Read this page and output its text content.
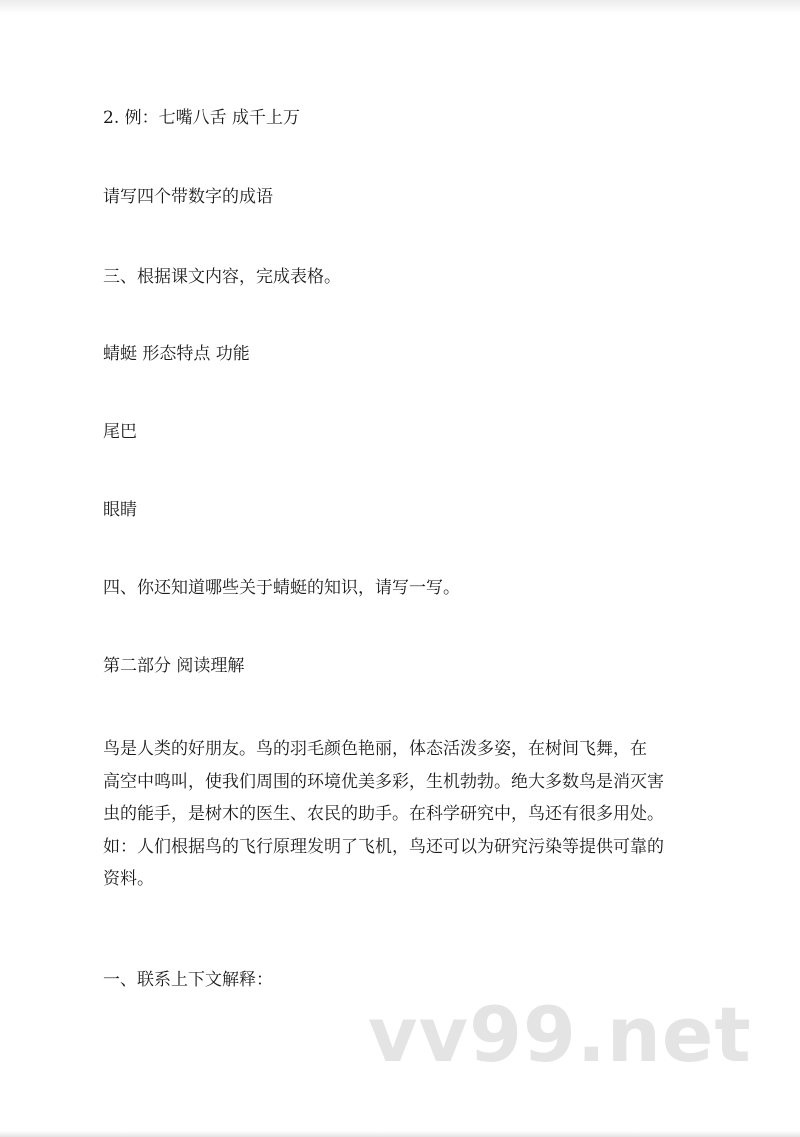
2. 例：七嘴八舌 成千上万
请写四个带数字的成语
三、根据课文内容，完成表格。
蜻蜓 形态特点 功能
尾巴
眼睛
四、你还知道哪些关于蜻蜓的知识，请写一写。
第二部分 阅读理解
鸟是人类的好朋友。鸟的羽毛颜色艳丽，体态活泼多姿，在树间飞舞，在
高空中鸣叫，使我们周围的环境优美多彩，生机勃勃。绝大多数鸟是消灭害
虫的能手，是树木的医生、农民的助手。在科学研究中，鸟还有很多用处。
如：人们根据鸟的飞行原理发明了飞机，鸟还可以为研究污染等提供可靠的
资料。
一、联系上下文解释：
vv99.net
